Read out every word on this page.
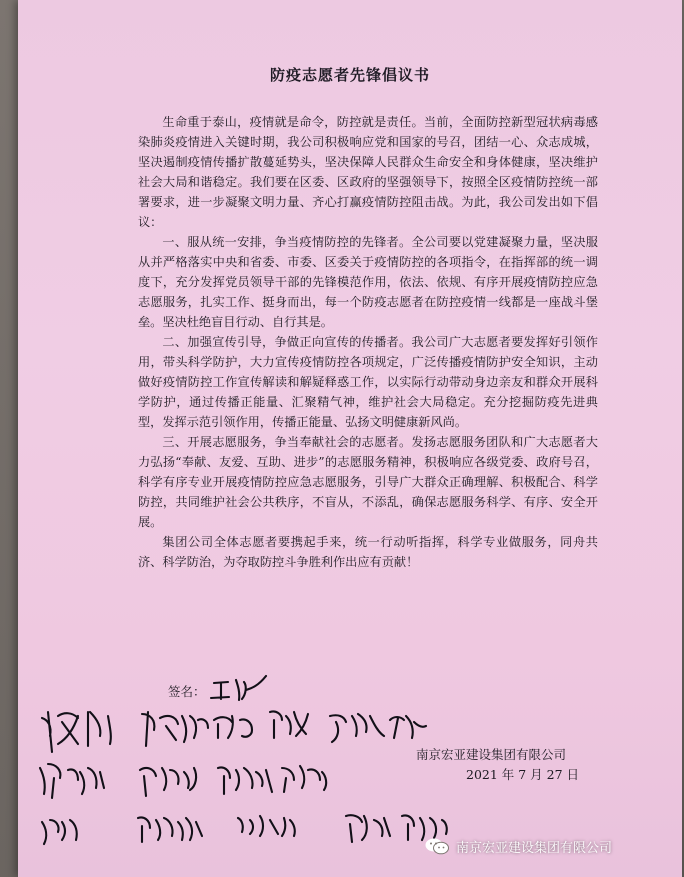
防疫志愿者先锋倡议书

生命重于泰山，疫情就是命令，防控就是责任。当前，全面防控新型冠状病毒感染肺炎疫情进入关键时期，我公司积极响应党和国家的号召，团结一心、众志成城，坚决遏制疫情传播扩散蔓延势头，坚决保障人民群众生命安全和身体健康，坚决维护社会大局和谐稳定。我们要在区委、区政府的坚强领导下，按照全区疫情防控统一部署要求，进一步凝聚文明力量、齐心打赢疫情防控阻击战。为此，我公司发出如下倡议：

一、服从统一安排，争当疫情防控的先锋者。全公司要以党建凝聚力量，坚决服从并严格落实中央和省委、市委、区委关于疫情防控的各项指令，在指挥部的统一调度下，充分发挥党员领导干部的先锋模范作用，依法、依规、有序开展疫情防控应急志愿服务，扎实工作、挺身而出，每一个防疫志愿者在防控疫情一线都是一座战斗堡垒。坚决杜绝盲目行动、自行其是。

二、加强宣传引导，争做正向宣传的传播者。我公司广大志愿者要发挥好引领作用，带头科学防护，大力宣传疫情防控各项规定，广泛传播疫情防护安全知识，主动做好疫情防控工作宣传解读和解疑释惑工作，以实际行动带动身边亲友和群众开展科学防护，通过传播正能量、汇聚精气神，维护社会大局稳定。充分挖掘防疫先进典型，发挥示范引领作用，传播正能量、弘扬文明健康新风尚。

三、开展志愿服务，争当奉献社会的志愿者。发扬志愿服务团队和广大志愿者大力弘扬“奉献、友爱、互助、进步”的志愿服务精神，积极响应各级党委、政府号召，科学有序专业开展疫情防控应急志愿服务，引导广大群众正确理解、积极配合、科学防控，共同维护社会公共秩序，不盲从，不添乱，确保志愿服务科学、有序、安全开展。

集团公司全体志愿者要携起手来，统一行动听指挥，科学专业做服务，同舟共济、科学防治，为夺取防控斗争胜利作出应有贡献！

签名：
南京宏亚建设集团有限公司
2021 年 7 月 27 日
南京宏亚建设集团有限公司
